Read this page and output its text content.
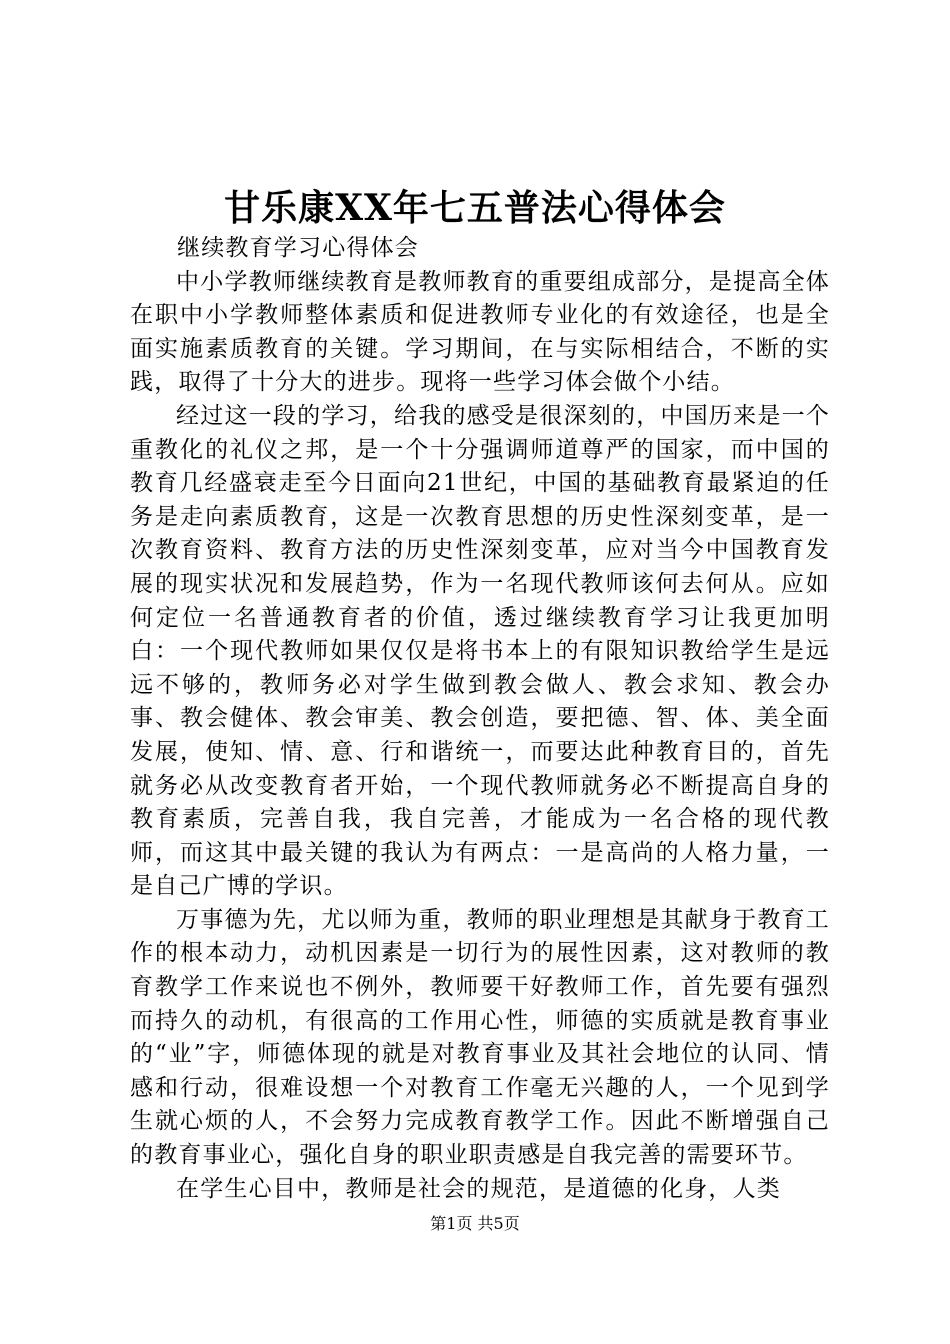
甘乐康XX年七五普法心得体会

继续教育学习心得体会

中小学教师继续教育是教师教育的重要组成部分，是提高全体在职中小学教师整体素质和促进教师专业化的有效途径，也是全面实施素质教育的关键。学习期间，在与实际相结合，不断的实践，取得了十分大的进步。现将一些学习体会做个小结。

经过这一段的学习，给我的感受是很深刻的，中国历来是一个重教化的礼仪之邦，是一个十分强调师道尊严的国家，而中国的教育几经盛衰走至今日面向21世纪，中国的基础教育最紧迫的任务是走向素质教育，这是一次教育思想的历史性深刻变革，是一次教育资料、教育方法的历史性深刻变革，应对当今中国教育发展的现实状况和发展趋势，作为一名现代教师该何去何从。应如何定位一名普通教育者的价值，透过继续教育学习让我更加明白：一个现代教师如果仅仅是将书本上的有限知识教给学生是远远不够的，教师务必对学生做到教会做人、教会求知、教会办事、教会健体、教会审美、教会创造，要把德、智、体、美全面发展，使知、情、意、行和谐统一，而要达此种教育目的，首先就务必从改变教育者开始，一个现代教师就务必不断提高自身的教育素质，完善自我，我自完善，才能成为一名合格的现代教师，而这其中最关键的我认为有两点：一是高尚的人格力量，一是自己广博的学识。

万事德为先，尤以师为重，教师的职业理想是其献身于教育工作的根本动力，动机因素是一切行为的展性因素，这对教师的教育教学工作来说也不例外，教师要干好教师工作，首先要有强烈而持久的动机，有很高的工作用心性，师德的实质就是教育事业的“业”字，师德体现的就是对教育事业及其社会地位的认同、情感和行动，很难设想一个对教育工作毫无兴趣的人，一个见到学生就心烦的人，不会努力完成教育教学工作。因此不断增强自己的教育事业心，强化自身的职业职责感是自我完善的需要环节。

在学生心目中，教师是社会的规范，是道德的化身，人类

第1页 共5页
